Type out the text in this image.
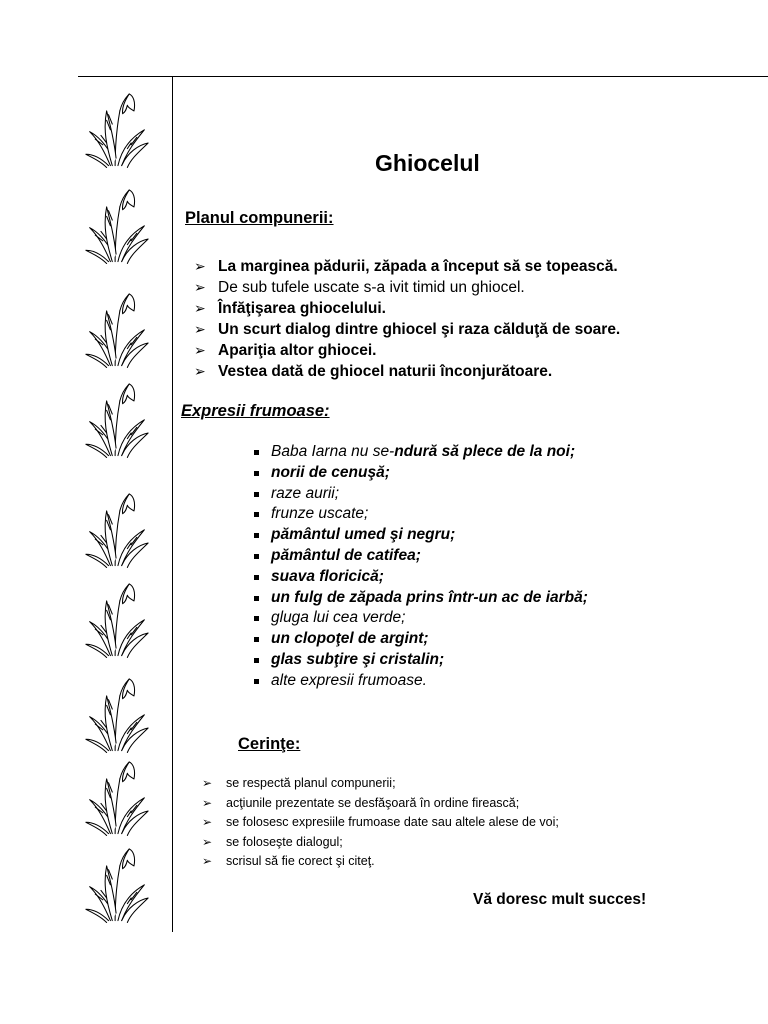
Ghiocelul
Planul compunerii:
➢ La marginea pădurii, zăpada a început să se topească.
➢ De sub tufele uscate s-a ivit timid un ghiocel.
➢ Înfăţişarea ghiocelului.
➢ Un scurt dialog dintre ghiocel şi raza călduţă de soare.
➢ Apariţia altor ghiocei.
➢ Vestea dată de ghiocel naturii înconjurătoare.
Expresii frumoase:
Baba Iarna nu se-ndură să plece de la noi;
norii de cenuşă;
raze aurii;
frunze uscate;
pământul umed şi negru;
pământul de catifea;
suava floricică;
un fulg de zăpada prins într-un ac de iarbă;
gluga lui cea verde;
un clopoţel de argint;
glas subţire şi cristalin;
alte expresii frumoase.
Cerinţe:
➢ se respectă planul compunerii;
➢ acţiunile prezentate se desfăşoară în ordine firească;
➢ se folosesc expresiile frumoase date sau altele alese de voi;
➢ se foloseşte dialogul;
➢ scrisul să fie corect şi citeţ.
Vă doresc mult succes!
